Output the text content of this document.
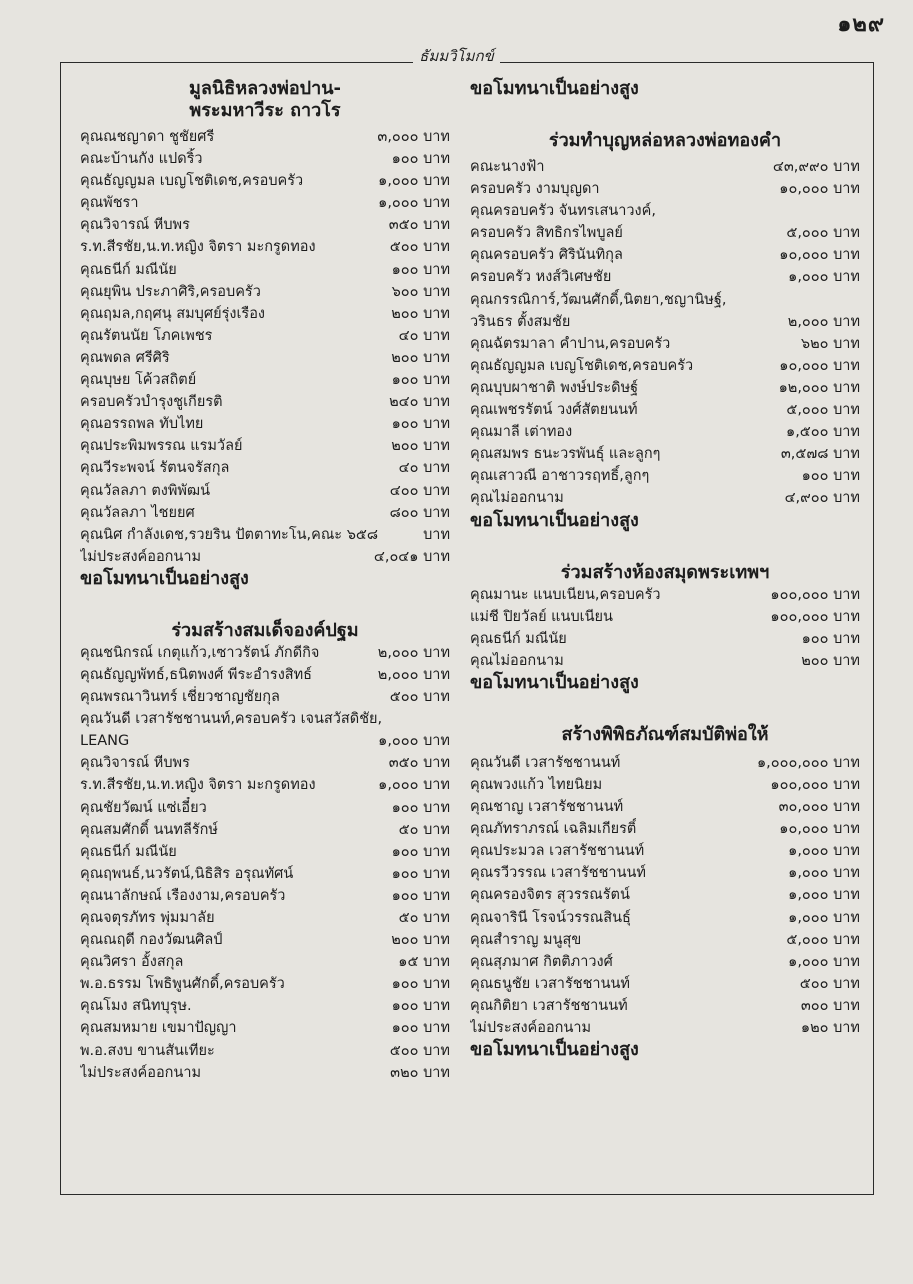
๑๒๙
ธัมมวิโมกข์
มูลนิธิหลวงพ่อปาน-
พระมหาวีระ ถาวโร
คุณณชญาดา ชูชัยศรี	๓,๐๐๐ บาท
คณะบ้านกัง แปดริ้ว	๑๐๐ บาท
คุณธัญญมล เบญโชติเดช,ครอบครัว	๑,๐๐๐ บาท
คุณพัชรา	๑,๐๐๐ บาท
คุณวิจารณ์ หีบพร	๓๕๐ บาท
ร.ท.สีรชัย,น.ท.หญิง จิตรา มะกรูดทอง	๕๐๐ บาท
คุณธนีก์ มณีนัย	๑๐๐ บาท
คุณยุพิน ประภาศิริ,ครอบครัว	๖๐๐ บาท
คุณฤมล,กฤศนุ สมบุศย์รุ่งเรือง	๒๐๐ บาท
คุณรัตนนัย โภคเพชร	๔๐ บาท
คุณพดล ศรีศิริ	๒๐๐ บาท
คุณบุษย โค้วสถิตย์	๑๐๐ บาท
ครอบครัวบำรุงชูเกียรติ	๒๔๐ บาท
คุณอรรถพล ทับไทย	๑๐๐ บาท
คุณประพิมพรรณ แรมวัลย์	๒๐๐ บาท
คุณวีระพจน์ รัตนจรัสกุล	๔๐ บาท
คุณวัลลภา ตงพิพัฒน์	๔๐๐ บาท
คุณวัลลภา ไชยยศ	๘๐๐ บาท
คุณนิศ กำลังเดช,รวยริน ปัตตาทะโน,คณะ ๖๕๘	บาท
ไม่ประสงค์ออกนาม	๔,๐๔๑ บาท
ขอโมทนาเป็นอย่างสูง
ร่วมสร้างสมเด็จองค์ปฐม
คุณชนิกรณ์ เกตุแก้ว,เซาวรัตน์ ภักดีกิจ	๒,๐๐๐ บาท
คุณธัญญพัทธ์,ธนิตพงศ์ พีระอำรงสิทธ์	๒,๐๐๐ บาท
คุณพรณาวินทร์ เชี่ยวชาญชัยกุล	๕๐๐ บาท
คุณวันดี เวสารัชชานนท์,ครอบครัว เจนสวัสดิชัย,
LEANG	๑,๐๐๐ บาท
คุณวิจารณ์ หีบพร	๓๕๐ บาท
ร.ท.สีรชัย,น.ท.หญิง จิตรา มะกรูดทอง	๑,๐๐๐ บาท
คุณชัยวัฒน์ แซ่เอี๋ยว	๑๐๐ บาท
คุณสมศักดิ์ นนทลีรักษ์	๕๐ บาท
คุณธนีก์ มณีนัย	๑๐๐ บาท
คุณฤพนธ์,นวรัตน์,นิธิสิร อรุณทัศน์	๑๐๐ บาท
คุณนาลักษณ์ เรืองงาม,ครอบครัว	๑๐๐ บาท
คุณจตุรภัทร พุ่มมาลัย	๕๐ บาท
คุณณฤดี กองวัฒนศิลป์	๒๐๐ บาท
คุณวิศรา อั้งสกุล	๑๕ บาท
พ.อ.ธรรม โพธิพูนศักดิ์,ครอบครัว	๑๐๐ บาท
คุณโมง สนิทบุรุษ.	๑๐๐ บาท
คุณสมหมาย เขมาปัญญา	๑๐๐ บาท
พ.อ.สงบ ขานสันเทียะ	๕๐๐ บาท
ไม่ประสงค์ออกนาม	๓๒๐ บาท
ขอโมทนาเป็นอย่างสูง
ร่วมทำบุญหล่อหลวงพ่อทองคำ
คณะนางฟ้า	๔๓,๙๙๐ บาท
ครอบครัว งามบุญดา	๑๐,๐๐๐ บาท
คุณครอบครัว จันทรเสนาวงค์,
ครอบครัว สิทธิกรไพบูลย์	๕,๐๐๐ บาท
คุณครอบครัว ศิรินันทิกุล	๑๐,๐๐๐ บาท
ครอบครัว หงส์วิเศษชัย	๑,๐๐๐ บาท
คุณกรรณิการ์,วัฒนศักดิ์,นิตยา,ชญานิษฐ์,
วรินธร ตั้งสมชัย	๒,๐๐๐ บาท
คุณฉัตรมาลา คำปาน,ครอบครัว	๖๒๐ บาท
คุณธัญญมล เบญโชติเดช,ครอบครัว	๑๐,๐๐๐ บาท
คุณบุบผาชาติ พงษ์ประดิษฐ์	๑๒,๐๐๐ บาท
คุณเพชรรัตน์ วงศ์สัตยนนท์	๕,๐๐๐ บาท
คุณมาลี เต่าทอง	๑,๕๐๐ บาท
คุณสมพร ธนะวรพันธุ์ และลูกๆ	๓,๕๗๘ บาท
คุณเสาวณี อาชาวรฤทธิ์,ลูกๆ	๑๐๐ บาท
คุณไม่ออกนาม	๔,๙๐๐ บาท
ขอโมทนาเป็นอย่างสูง
ร่วมสร้างห้องสมุดพระเทพฯ
คุณมานะ แนบเนียน,ครอบครัว	๑๐๐,๐๐๐ บาท
แม่ชี ปิยวัลย์ แนบเนียน	๑๐๐,๐๐๐ บาท
คุณธนีก์ มณีนัย	๑๐๐ บาท
คุณไม่ออกนาม	๒๐๐ บาท
ขอโมทนาเป็นอย่างสูง
สร้างพิพิธภัณฑ์สมบัติพ่อให้
คุณวันดี เวสารัชชานนท์	๑,๐๐๐,๐๐๐ บาท
คุณพวงแก้ว ไทยนิยม	๑๐๐,๐๐๐ บาท
คุณชาญ เวสารัชชานนท์	๓๐,๐๐๐ บาท
คุณภัทราภรณ์ เฉลิมเกียรติ์	๑๐,๐๐๐ บาท
คุณประมวล เวสารัชชานนท์	๑,๐๐๐ บาท
คุณรวีวรรณ เวสารัชชานนท์	๑,๐๐๐ บาท
คุณครองจิตร สุวรรณรัตน์	๑,๐๐๐ บาท
คุณจารินี โรจน์วรรณสินธุ์	๑,๐๐๐ บาท
คุณสำราญ มนูสุข	๕,๐๐๐ บาท
คุณสุภมาศ กิตติภาวงศ์	๑,๐๐๐ บาท
คุณธนูชัย เวสารัชชานนท์	๕๐๐ บาท
คุณกิติยา เวสารัชชานนท์	๓๐๐ บาท
ไม่ประสงค์ออกนาม	๑๒๐ บาท
ขอโมทนาเป็นอย่างสูง
